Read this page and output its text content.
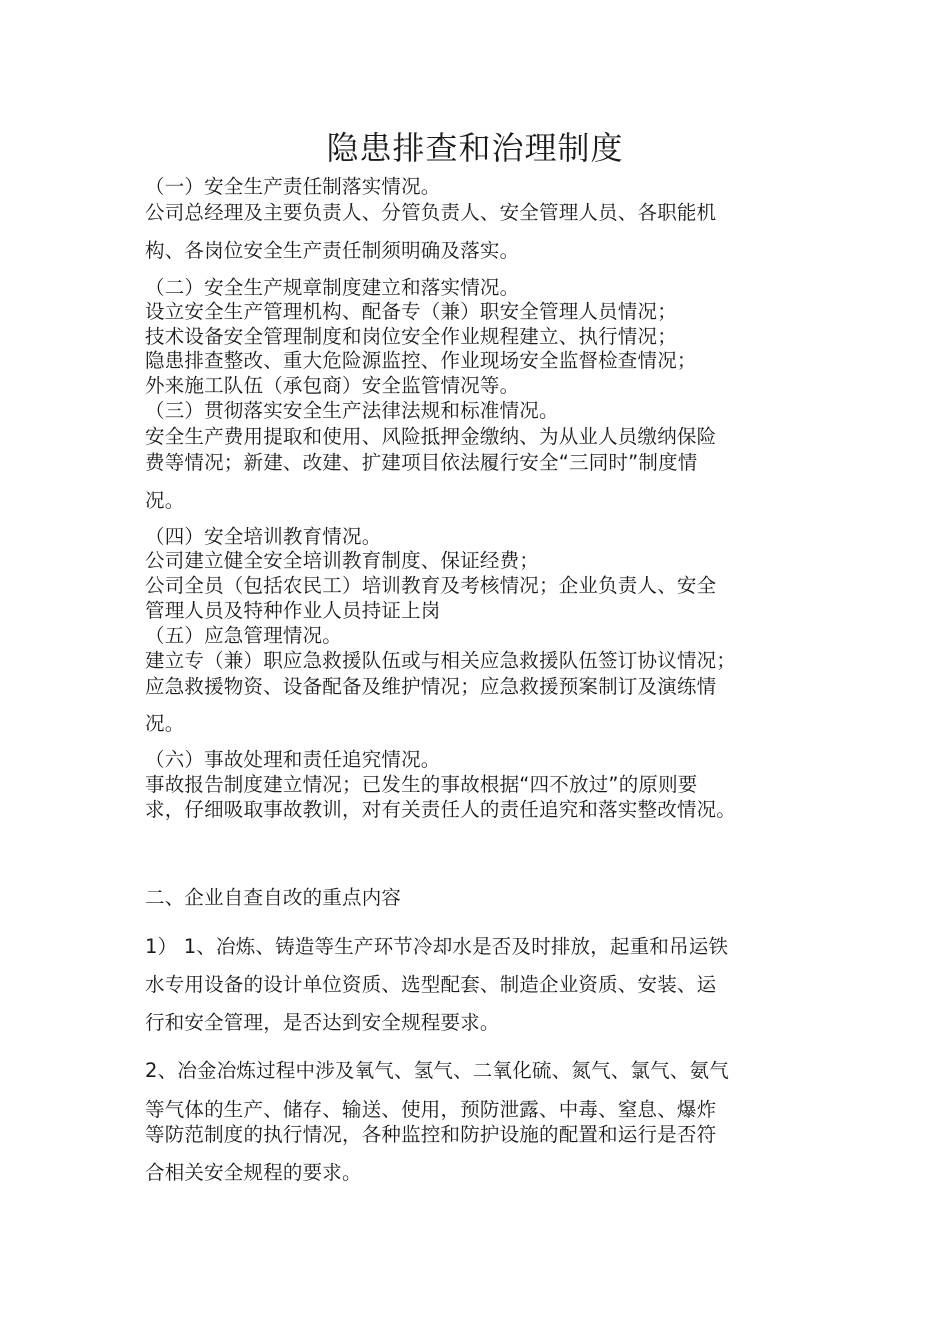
隐患排查和治理制度
（一）安全生产责任制落实情况。
公司总经理及主要负责人、分管负责人、安全管理人员、各职能机
构、各岗位安全生产责任制须明确及落实。
（二）安全生产规章制度建立和落实情况。
设立安全生产管理机构、配备专（兼）职安全管理人员情况；
技术设备安全管理制度和岗位安全作业规程建立、执行情况；
隐患排查整改、重大危险源监控、作业现场安全监督检查情况；
外来施工队伍（承包商）安全监管情况等。
（三）贯彻落实安全生产法律法规和标准情况。
安全生产费用提取和使用、风险抵押金缴纳、为从业人员缴纳保险
费等情况；新建、改建、扩建项目依法履行安全“三同时”制度情
况。
（四）安全培训教育情况。
公司建立健全安全培训教育制度、保证经费；
公司全员（包括农民工）培训教育及考核情况；企业负责人、安全
管理人员及特种作业人员持证上岗
（五）应急管理情况。
建立专（兼）职应急救援队伍或与相关应急救援队伍签订协议情况；
应急救援物资、设备配备及维护情况；应急救援预案制订及演练情
况。
（六）事故处理和责任追究情况。
事故报告制度建立情况；已发生的事故根据“四不放过”的原则要
求，仔细吸取事故教训，对有关责任人的责任追究和落实整改情况。
二、企业自查自改的重点内容
1） 1、冶炼、铸造等生产环节冷却水是否及时排放，起重和吊运铁
水专用设备的设计单位资质、选型配套、制造企业资质、安装、运
行和安全管理，是否达到安全规程要求。
2、冶金冶炼过程中涉及氧气、氢气、二氧化硫、氮气、氯气、氨气
等气体的生产、储存、输送、使用，预防泄露、中毒、窒息、爆炸
等防范制度的执行情况，各种监控和防护设施的配置和运行是否符
合相关安全规程的要求。
